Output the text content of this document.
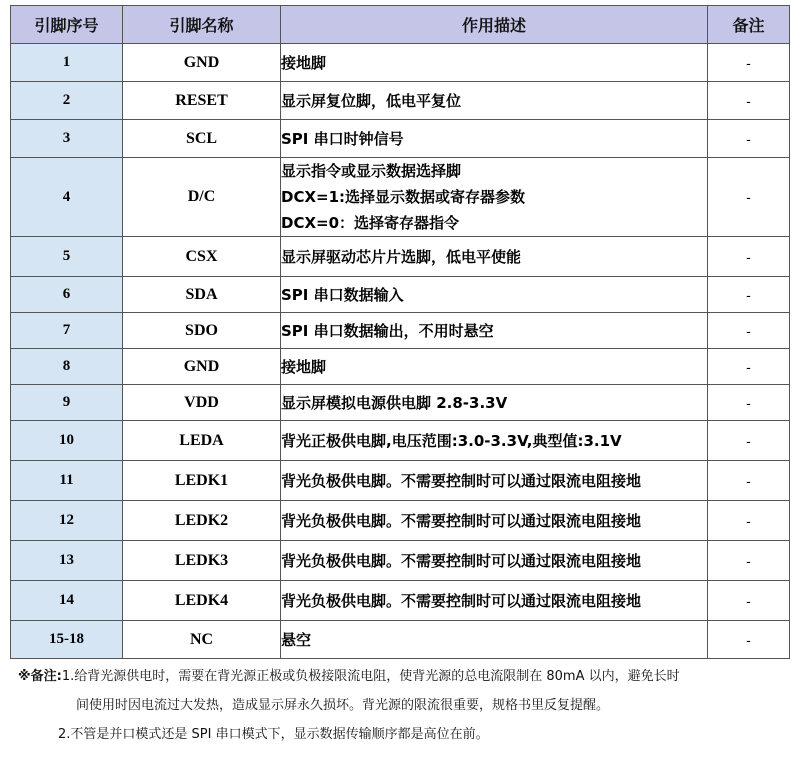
引脚序号	引脚名称	作用描述	备注
1	GND	接地脚	-
2	RESET	显示屏复位脚，低电平复位	-
3	SCL	SPI 串口时钟信号	-
4	D/C	显示指令或显示数据选择脚
DCX=1:选择显示数据或寄存器参数
DCX=0：选择寄存器指令	-
5	CSX	显示屏驱动芯片片选脚，低电平使能	-
6	SDA	SPI 串口数据输入	-
7	SDO	SPI 串口数据输出，不用时悬空	-
8	GND	接地脚	-
9	VDD	显示屏模拟电源供电脚 2.8-3.3V	-
10	LEDA	背光正极供电脚,电压范围:3.0-3.3V,典型值:3.1V	-
11	LEDK1	背光负极供电脚。不需要控制时可以通过限流电阻接地	-
12	LEDK2	背光负极供电脚。不需要控制时可以通过限流电阻接地	-
13	LEDK3	背光负极供电脚。不需要控制时可以通过限流电阻接地	-
14	LEDK4	背光负极供电脚。不需要控制时可以通过限流电阻接地	-
15-18	NC	悬空	-
※备注:1.给背光源供电时，需要在背光源正极或负极接限流电阻，使背光源的总电流限制在 80mA 以内，避免长时
间使用时因电流过大发热，造成显示屏永久损坏。背光源的限流很重要，规格书里反复提醒。
2.不管是并口模式还是 SPI 串口模式下，显示数据传输顺序都是高位在前。
